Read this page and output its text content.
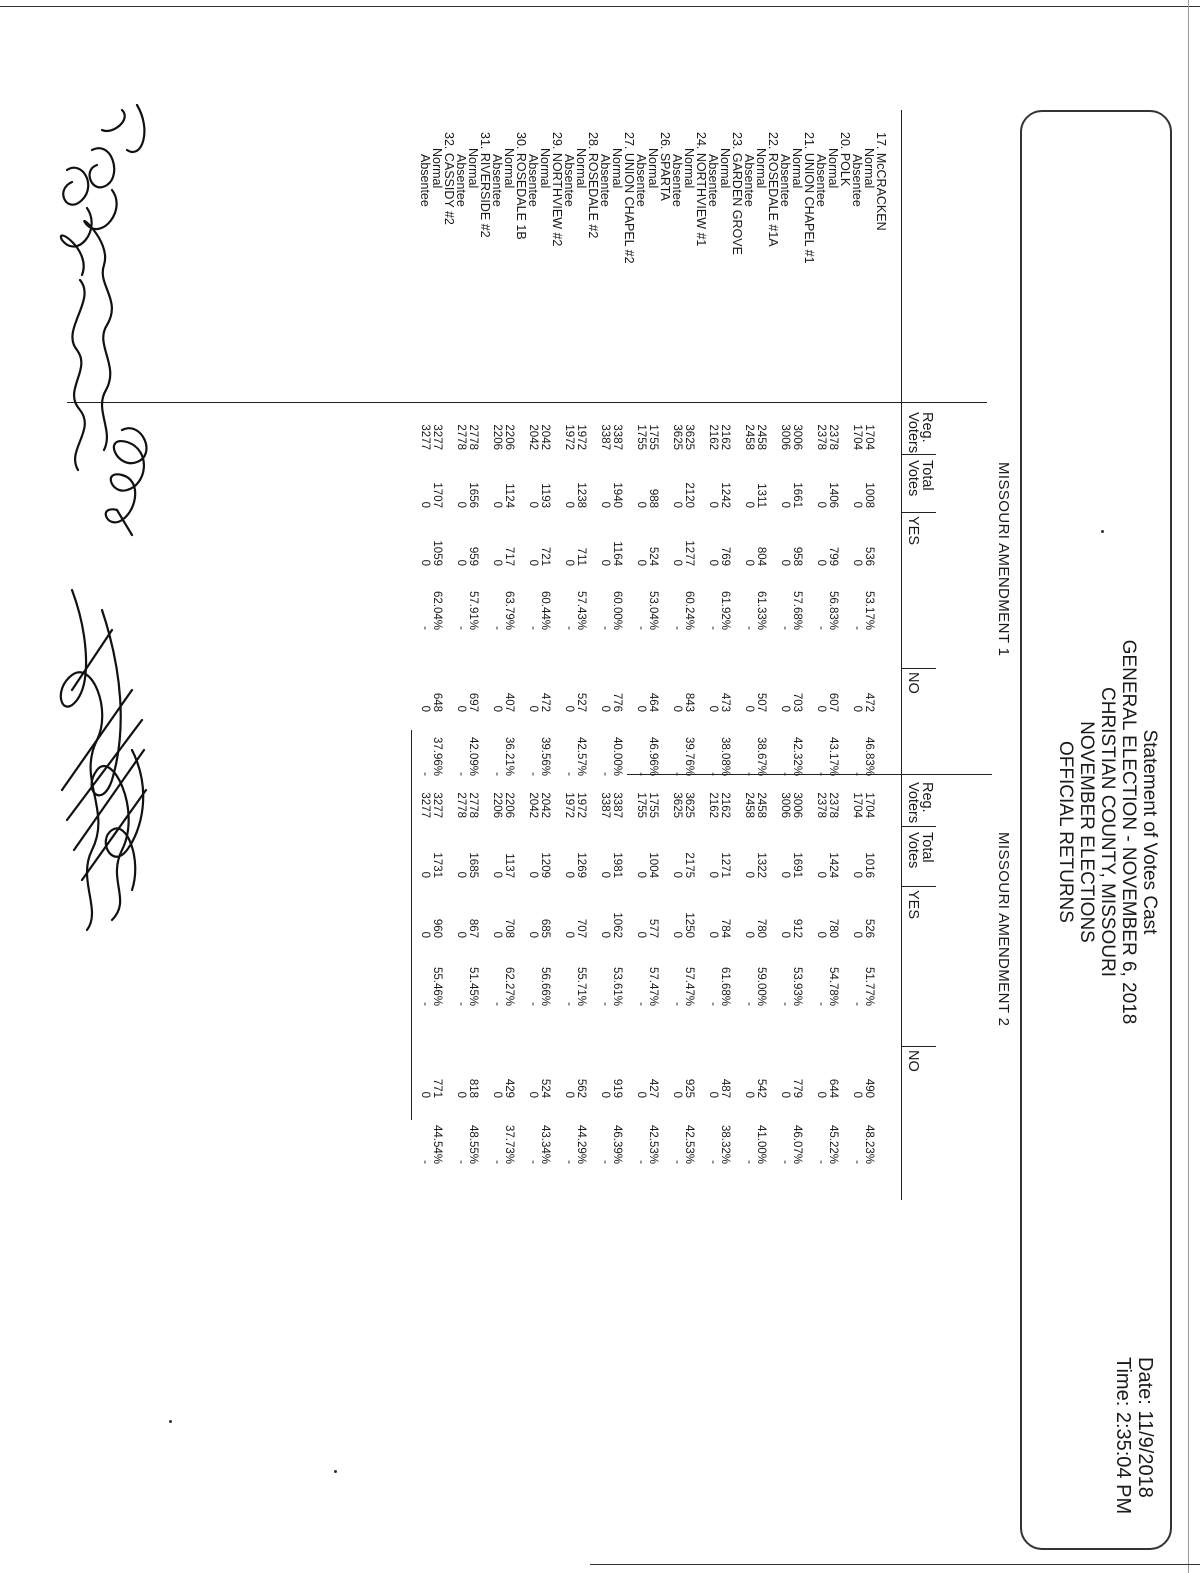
Statement of Votes Cast
GENERAL ELECTION - NOVEMBER 6, 2018
CHRISTIAN COUNTY, MISSOURI
NOVEMBER ELECTIONS
OFFICIAL RETURNS
Date: 11/9/2018
Time: 2:35:04 PM
MISSOURI AMENDMENT 1
MISSOURI AMENDMENT 2
Reg.
Voters
Total
Votes
YES
NO
Reg.
Voters
Total
Votes
YES
NO
17. McCRACKEN
Normal
Absentee
20. POLK
Normal
Absentee
21. UNION CHAPEL #1
Normal
Absentee
22. ROSEDALE #1A
Normal
Absentee
23. GARDEN GROVE
Normal
Absentee
24. NORTHVIEW #1
Normal
Absentee
26. SPARTA
Normal
Absentee
27. UNION CHAPEL #2
Normal
Absentee
28. ROSEDALE #2
Normal
Absentee
29. NORTHVIEW #2
Normal
Absentee
30. ROSEDALE 1B
Normal
Absentee
31. RIVERSIDE #2
Normal
Absentee
32. CASSIDY #2
Normal
Absentee
1704
1008
536
53.17%
472
46.83%
1704
1016
526
51.77%
490
48.23%
1704
0
0
-
0
-
1704
0
0
-
0
-
2378
1406
799
56.83%
607
43.17%
2378
1424
780
54.78%
644
45.22%
2378
0
0
-
0
-
2378
0
0
-
0
-
3006
1661
958
57.68%
703
42.32%
3006
1691
912
53.93%
779
46.07%
3006
0
0
-
0
-
3006
0
0
-
0
-
2458
1311
804
61.33%
507
38.67%
2458
1322
780
59.00%
542
41.00%
2458
0
0
-
0
-
2458
0
0
-
0
-
2162
1242
769
61.92%
473
38.08%
2162
1271
784
61.68%
487
38.32%
2162
0
0
-
0
-
2162
0
0
-
0
-
3625
2120
1277
60.24%
843
39.76%
3625
2175
1250
57.47%
925
42.53%
3625
0
0
-
0
-
3625
0
0
-
0
-
1755
988
524
53.04%
464
46.96%
1755
1004
577
57.47%
427
42.53%
1755
0
0
-
0
-
1755
0
0
-
0
-
3387
1940
1164
60.00%
776
40.00%
3387
1981
1062
53.61%
919
46.39%
3387
0
0
-
0
-
3387
0
0
-
0
-
1972
1238
711
57.43%
527
42.57%
1972
1269
707
55.71%
562
44.29%
1972
0
0
-
0
-
1972
0
0
-
0
-
2042
1193
721
60.44%
472
39.56%
2042
1209
685
56.66%
524
43.34%
2042
0
0
-
0
-
2042
0
0
-
0
-
2206
1124
717
63.79%
407
36.21%
2206
1137
708
62.27%
429
37.73%
2206
0
0
-
0
-
2206
0
0
-
0
-
2778
1656
959
57.91%
697
42.09%
2778
1685
867
51.45%
818
48.55%
2778
0
0
-
0
-
2778
0
0
-
0
-
3277
1707
1059
62.04%
648
37.96%
3277
1731
960
55.46%
771
44.54%
3277
0
0
-
0
-
3277
0
0
-
0
-
